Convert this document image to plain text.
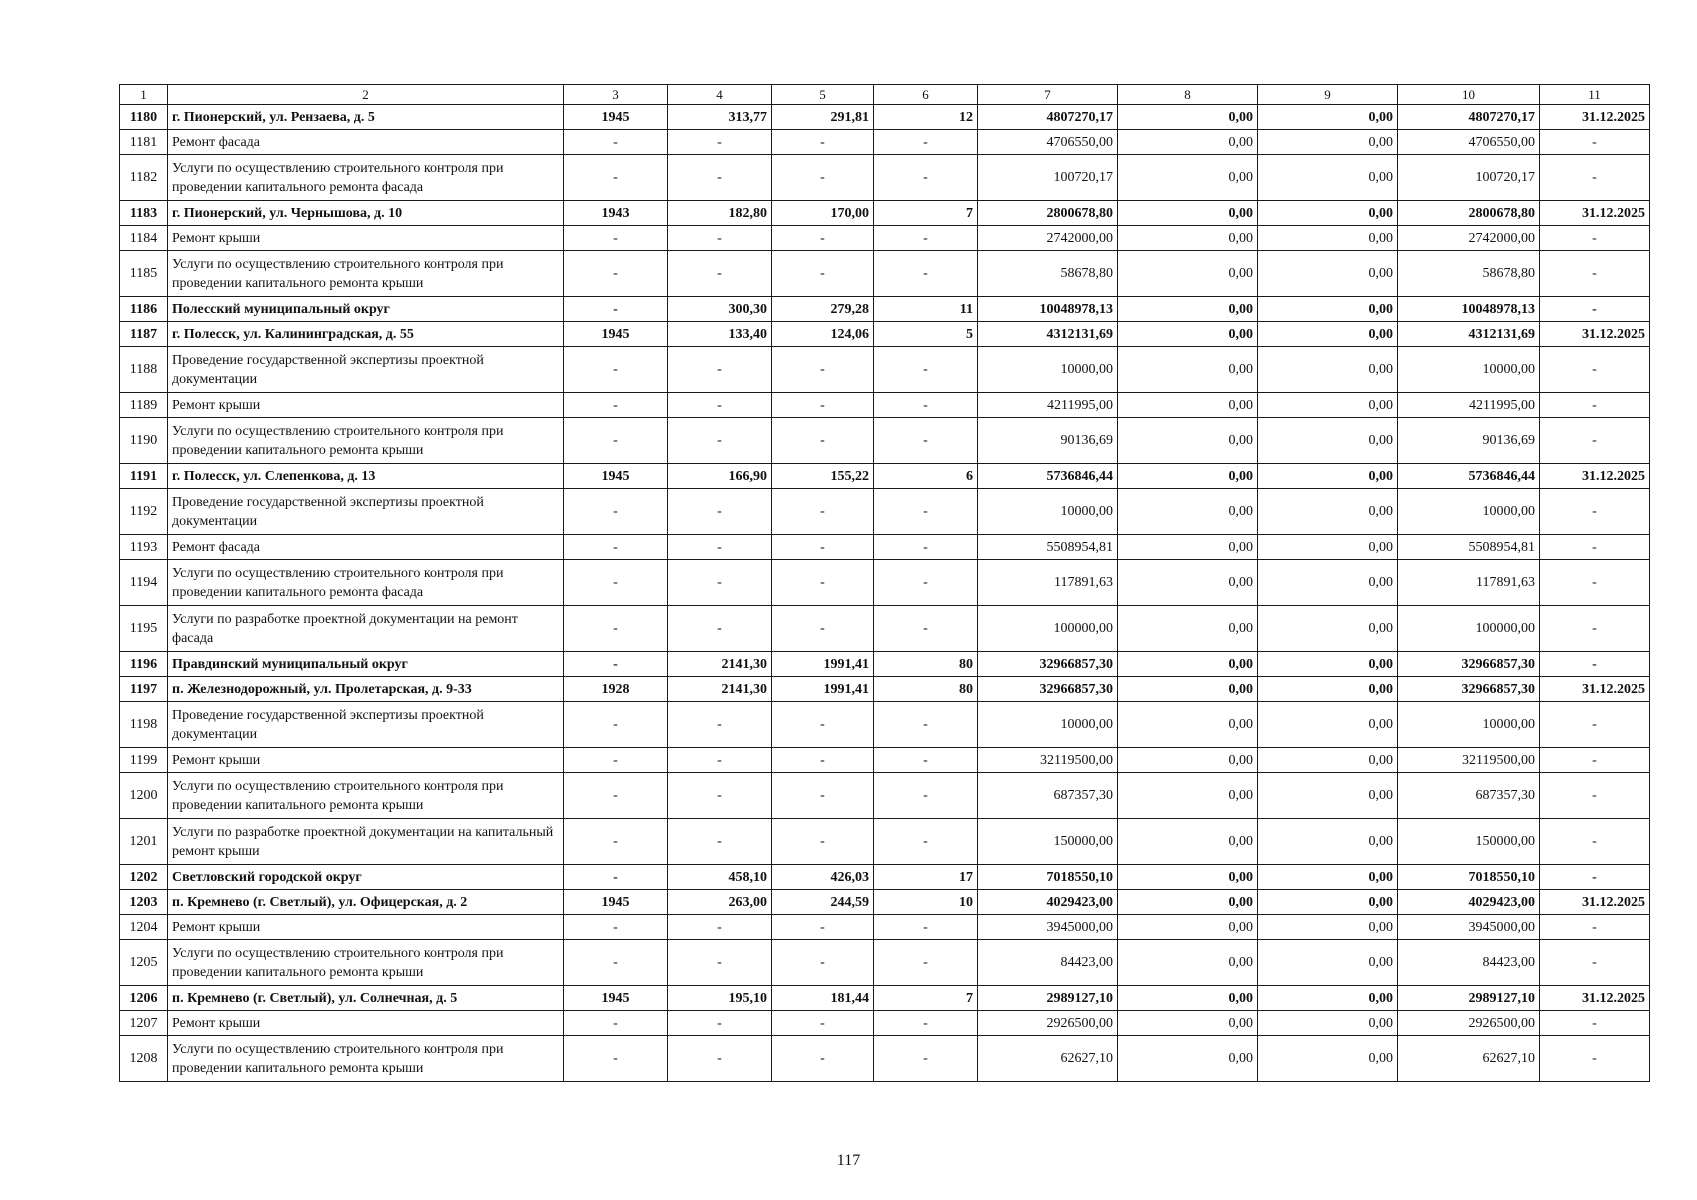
1	2	3	4	5	6	7	8	9	10	11
1180	г. Пионерский, ул. Рензаева, д. 5	1945	313,77	291,81	12	4807270,17	0,00	0,00	4807270,17	31.12.2025
1181	Ремонт фасада	-	-	-	-	4706550,00	0,00	0,00	4706550,00	-
1182	Услуги по осуществлению строительного контроля при проведении капитального ремонта фасада	-	-	-	-	100720,17	0,00	0,00	100720,17	-
1183	г. Пионерский, ул. Чернышова, д. 10	1943	182,80	170,00	7	2800678,80	0,00	0,00	2800678,80	31.12.2025
1184	Ремонт крыши	-	-	-	-	2742000,00	0,00	0,00	2742000,00	-
1185	Услуги по осуществлению строительного контроля при проведении капитального ремонта крыши	-	-	-	-	58678,80	0,00	0,00	58678,80	-
1186	Полесский муниципальный округ	-	300,30	279,28	11	10048978,13	0,00	0,00	10048978,13	-
1187	г. Полесск, ул. Калининградская, д. 55	1945	133,40	124,06	5	4312131,69	0,00	0,00	4312131,69	31.12.2025
1188	Проведение государственной экспертизы проектной документации	-	-	-	-	10000,00	0,00	0,00	10000,00	-
1189	Ремонт крыши	-	-	-	-	4211995,00	0,00	0,00	4211995,00	-
1190	Услуги по осуществлению строительного контроля при проведении капитального ремонта крыши	-	-	-	-	90136,69	0,00	0,00	90136,69	-
1191	г. Полесск, ул. Слепенкова, д. 13	1945	166,90	155,22	6	5736846,44	0,00	0,00	5736846,44	31.12.2025
1192	Проведение государственной экспертизы проектной документации	-	-	-	-	10000,00	0,00	0,00	10000,00	-
1193	Ремонт фасада	-	-	-	-	5508954,81	0,00	0,00	5508954,81	-
1194	Услуги по осуществлению строительного контроля при проведении капитального ремонта фасада	-	-	-	-	117891,63	0,00	0,00	117891,63	-
1195	Услуги по разработке проектной документации на ремонт фасада	-	-	-	-	100000,00	0,00	0,00	100000,00	-
1196	Правдинский муниципальный округ	-	2141,30	1991,41	80	32966857,30	0,00	0,00	32966857,30	-
1197	п. Железнодорожный, ул. Пролетарская, д. 9-33	1928	2141,30	1991,41	80	32966857,30	0,00	0,00	32966857,30	31.12.2025
1198	Проведение государственной экспертизы проектной документации	-	-	-	-	10000,00	0,00	0,00	10000,00	-
1199	Ремонт крыши	-	-	-	-	32119500,00	0,00	0,00	32119500,00	-
1200	Услуги по осуществлению строительного контроля при проведении капитального ремонта крыши	-	-	-	-	687357,30	0,00	0,00	687357,30	-
1201	Услуги по разработке проектной документации на капитальный ремонт крыши	-	-	-	-	150000,00	0,00	0,00	150000,00	-
1202	Светловский городской округ	-	458,10	426,03	17	7018550,10	0,00	0,00	7018550,10	-
1203	п. Кремнево (г. Светлый), ул. Офицерская, д. 2	1945	263,00	244,59	10	4029423,00	0,00	0,00	4029423,00	31.12.2025
1204	Ремонт крыши	-	-	-	-	3945000,00	0,00	0,00	3945000,00	-
1205	Услуги по осуществлению строительного контроля при проведении капитального ремонта крыши	-	-	-	-	84423,00	0,00	0,00	84423,00	-
1206	п. Кремнево (г. Светлый), ул. Солнечная, д. 5	1945	195,10	181,44	7	2989127,10	0,00	0,00	2989127,10	31.12.2025
1207	Ремонт крыши	-	-	-	-	2926500,00	0,00	0,00	2926500,00	-
1208	Услуги по осуществлению строительного контроля при проведении капитального ремонта крыши	-	-	-	-	62627,10	0,00	0,00	62627,10	-
117
